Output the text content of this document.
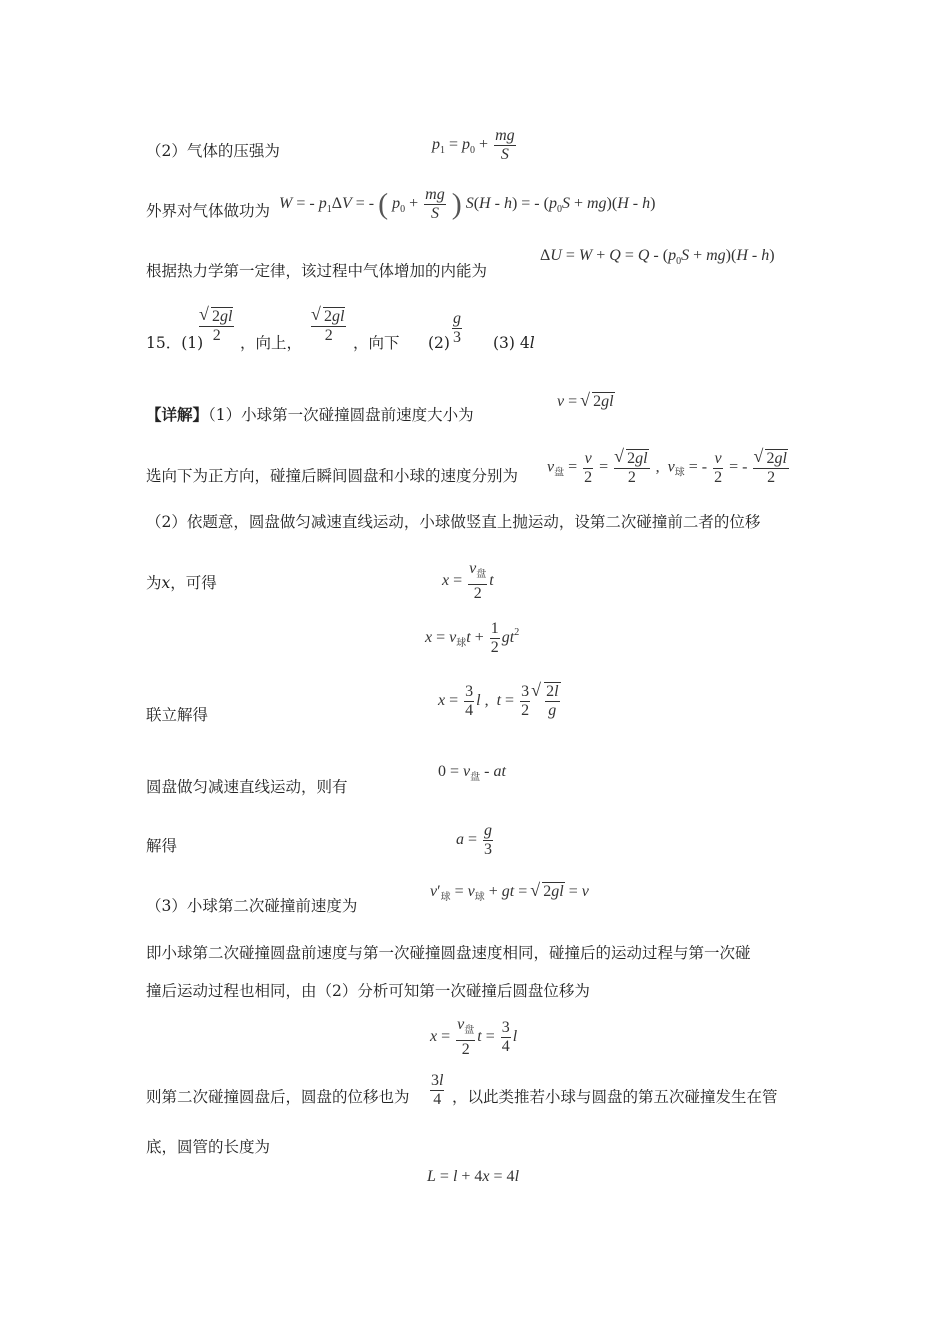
（2）气体的压强为	$p_1 = p_0 + \frac{mg}{S}$
外界对气体做功为 W = - $p_1\Delta V$ = - ( $p_0 + \frac{mg}{S}$ ) S(H - h) = - $(p_0S + mg)(H - h)$
根据热力学第一定律，该过程中气体增加的内能为
$\Delta U = W + Q = Q - (p_0S + mg)(H - h)$
15．(1)
√ $\frac{2gl}{2}$ ，向上， √ $\frac{2gl}{2}$ ，向下 $(2) \frac{g}{3} (3)$ 4l
【详解】（1）小球第一次碰撞圆盘前速度大小为
v = √ 2gl
选向下为正方向，碰撞后瞬间圆盘和小球的速度分别为 $v_盘 = \frac{v}{2}$ = √ $\frac{2gl}{2}$ ,  $v_球$ = - $\frac{v}{2}$ = - √ $\frac{2gl}{2}$
（2）依题意，圆盘做匀减速直线运动，小球做竖直上抛运动，设第二次碰撞前二者的位移
为x，可得	$x = \frac{v_盘}{2}$ t
$x = v_球t + \frac{1}{2} gt^2$
联立解得
$x = \frac{3}{4}$ l ,  $t = \frac{3}{2}$ √ $\frac{2l}{g}$
圆盘做匀减速直线运动，则有
$0 = v_盘$ - at
解得	$a = \frac{g}{3}$
（3）小球第二次碰撞前速度为
$v'_球 = v_球$ + gt = √ 2gl = v
即小球第二次碰撞圆盘前速度与第一次碰撞圆盘速度相同，碰撞后的运动过程与第一次碰
撞后运动过程也相同，由（2）分析可知第一次碰撞后圆盘位移为
$x = \frac{v_盘}{2}$ $t = \frac{3}{4}$ l
则第二次碰撞圆盘后，圆盘的位移也为 $\frac{3l}{4}$ ，以此类推若小球与圆盘的第五次碰撞发生在管
底，圆管的长度为
L = l + 4x = 4l
